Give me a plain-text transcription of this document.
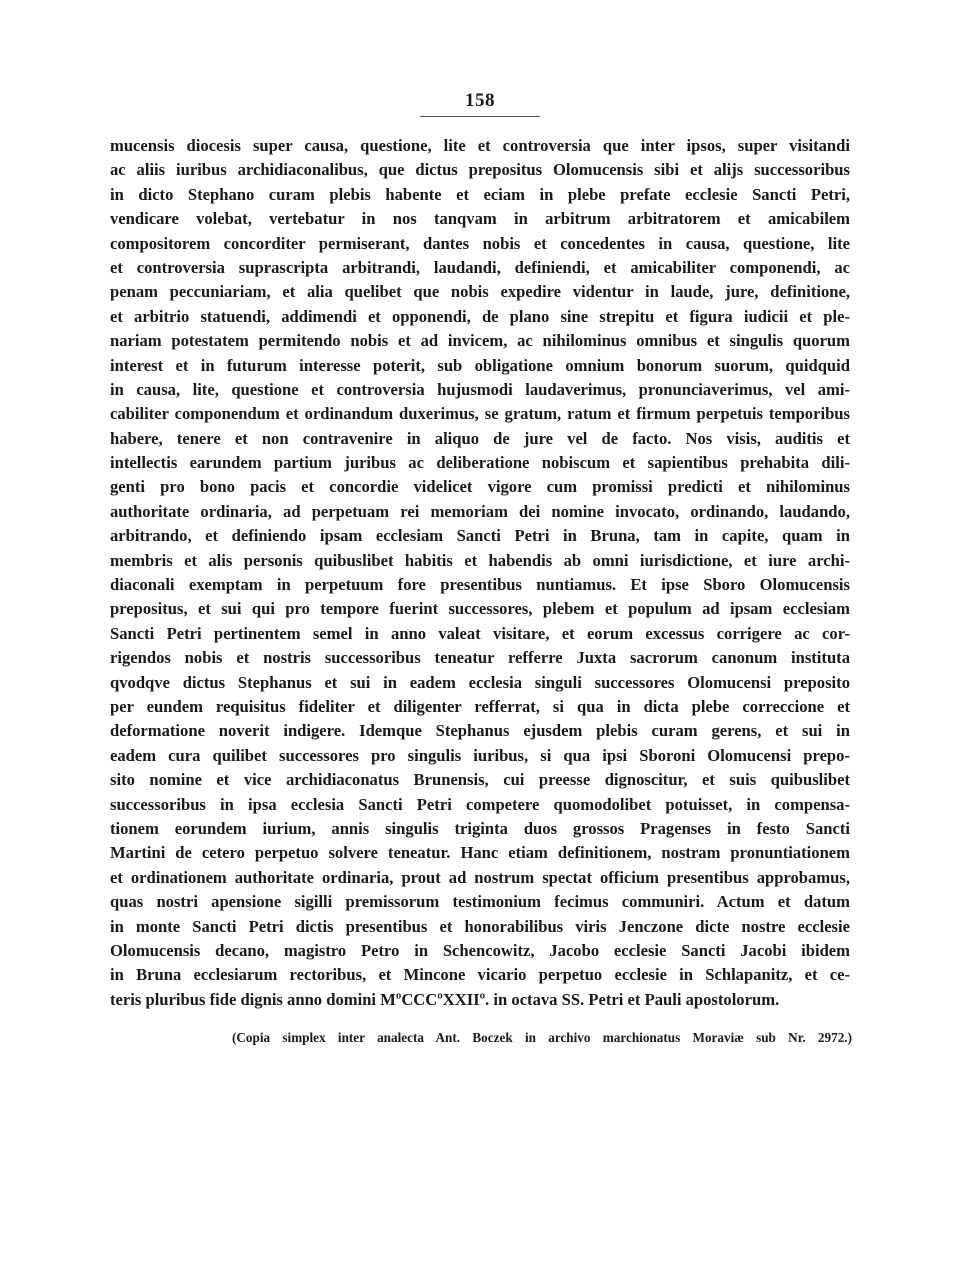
158
mucensis diocesis super causa, questione, lite et controversia que inter ipsos, super visitandi
ac aliis iuribus archidiaconalibus, que dictus prepositus Olomucensis sibi et alijs successoribus
in dicto Stephano curam plebis habente et eciam in plebe prefate ecclesie Sancti Petri,
vendicare volebat, vertebatur in nos tanqvam in arbitrum arbitratorem et amicabilem
compositorem concorditer permiserant, dantes nobis et concedentes in causa, questione, lite
et controversia suprascripta arbitrandi, laudandi, definiendi, et amicabiliter componendi, ac
penam peccuniariam, et alia quelibet que nobis expedire videntur in laude, jure, definitione,
et arbitrio statuendi, addimendi et opponendi, de plano sine strepitu et figura iudicii et ple-
nariam potestatem permitendo nobis et ad invicem, ac nihilominus omnibus et singulis quorum
interest et in futurum interesse poterit, sub obligatione omnium bonorum suorum, quidquid
in causa, lite, questione et controversia hujusmodi laudaverimus, pronunciaverimus, vel ami-
cabiliter componendum et ordinandum duxerimus, se gratum, ratum et firmum perpetuis temporibus
habere, tenere et non contravenire in aliquo de jure vel de facto. Nos visis, auditis et
intellectis earundem partium juribus ac deliberatione nobiscum et sapientibus prehabita dili-
genti pro bono pacis et concordie videlicet vigore cum promissi predicti et nihilominus
authoritate ordinaria, ad perpetuam rei memoriam dei nomine invocato, ordinando, laudando,
arbitrando, et definiendo ipsam ecclesiam Sancti Petri in Bruna, tam in capite, quam in
membris et alis personis quibuslibet habitis et habendis ab omni iurisdictione, et iure archi-
diaconali exemptam in perpetuum fore presentibus nuntiamus. Et ipse Sboro Olomucensis
prepositus, et sui qui pro tempore fuerint successores, plebem et populum ad ipsam ecclesiam
Sancti Petri pertinentem semel in anno valeat visitare, et eorum excessus corrigere ac cor-
rigendos nobis et nostris successoribus teneatur refferre Juxta sacrorum canonum instituta
qvodqve dictus Stephanus et sui in eadem ecclesia singuli successores Olomucensi preposito
per eundem requisitus fideliter et diligenter refferrat, si qua in dicta plebe correccione et
deformatione noverit indigere. Idemque Stephanus ejusdem plebis curam gerens, et sui in
eadem cura quilibet successores pro singulis iuribus, si qua ipsi Sboroni Olomucensi prepo-
sito nomine et vice archidiaconatus Brunensis, cui preesse dignoscitur, et suis quibuslibet
successoribus in ipsa ecclesia Sancti Petri competere quomodolibet potuisset, in compensa-
tionem eorundem iurium, annis singulis triginta duos grossos Pragenses in festo Sancti
Martini de cetero perpetuo solvere teneatur. Hanc etiam definitionem, nostram pronuntiationem
et ordinationem authoritate ordinaria, prout ad nostrum spectat officium presentibus approbamus,
quas nostri apensione sigilli premissorum testimonium fecimus communiri. Actum et datum
in monte Sancti Petri dictis presentibus et honorabilibus viris Jenczone dicte nostre ecclesie
Olomucensis decano, magistro Petro in Schencowitz, Jacobo ecclesie Sancti Jacobi ibidem
in Bruna ecclesiarum rectoribus, et Mincone vicario perpetuo ecclesie in Schlapanitz, et ce-
teris pluribus fide dignis anno domini MºCCCºXXIIº. in octava SS. Petri et Pauli apostolorum.
(Copia simplex inter analecta Ant. Boczek in archivo marchionatus Moraviæ sub Nr. 2972.)
